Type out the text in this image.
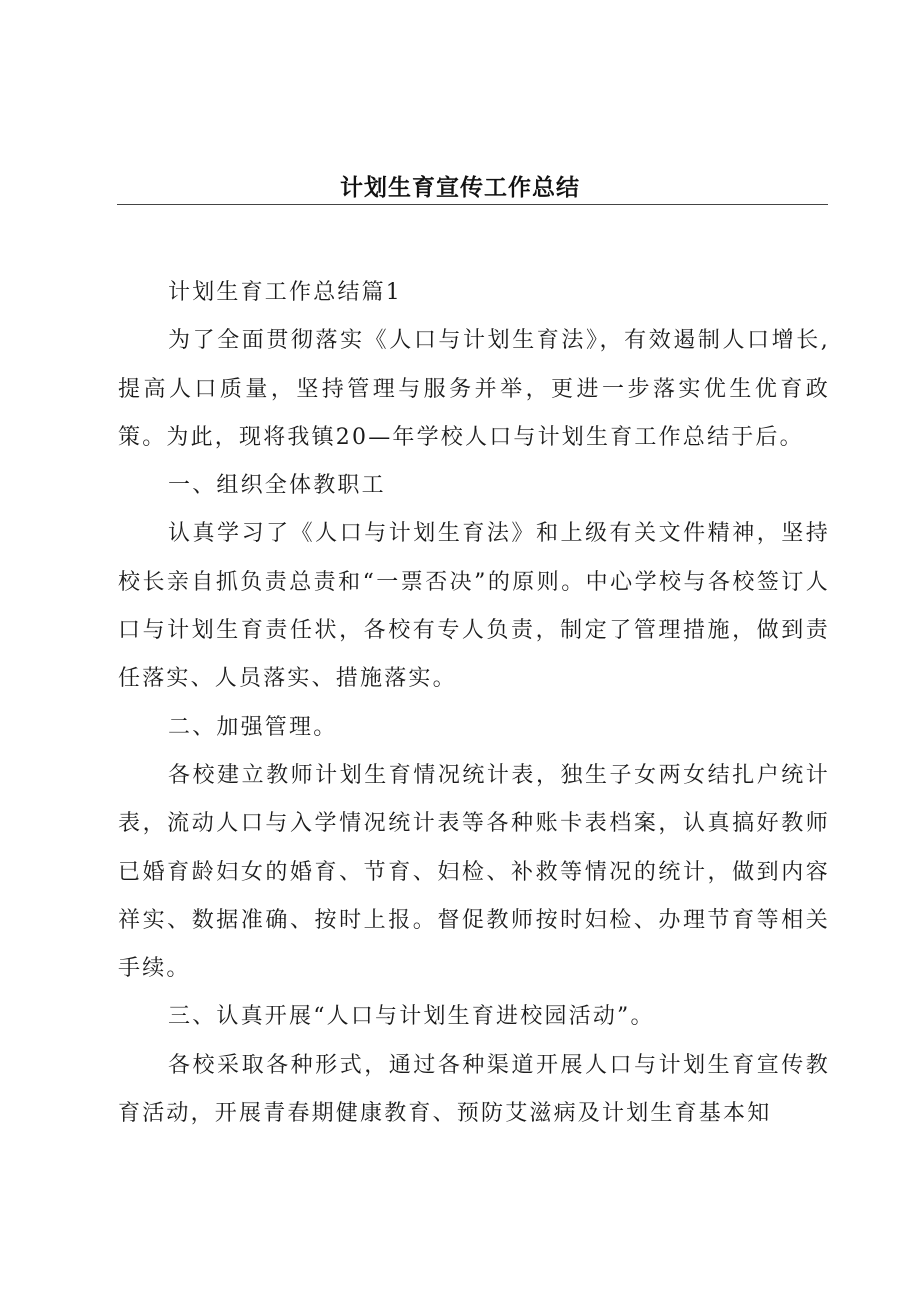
计划生育宣传工作总结

计划生育工作总结篇1

为了全面贯彻落实《人口与计划生育法》，有效遏制人口增长,提高人口质量，坚持管理与服务并举，更进一步落实优生优育政策。为此，现将我镇20—年学校人口与计划生育工作总结于后。

一、组织全体教职工

认真学习了《人口与计划生育法》和上级有关文件精神，坚持校长亲自抓负责总责和“一票否决”的原则。中心学校与各校签订人口与计划生育责任状，各校有专人负责，制定了管理措施，做到责任落实、人员落实、措施落实。

二、加强管理。

各校建立教师计划生育情况统计表，独生子女两女结扎户统计表，流动人口与入学情况统计表等各种账卡表档案，认真搞好教师已婚育龄妇女的婚育、节育、妇检、补救等情况的统计，做到内容祥实、数据准确、按时上报。督促教师按时妇检、办理节育等相关手续。

三、认真开展“人口与计划生育进校园活动”。

各校采取各种形式，通过各种渠道开展人口与计划生育宣传教育活动，开展青春期健康教育、预防艾滋病及计划生育基本知
